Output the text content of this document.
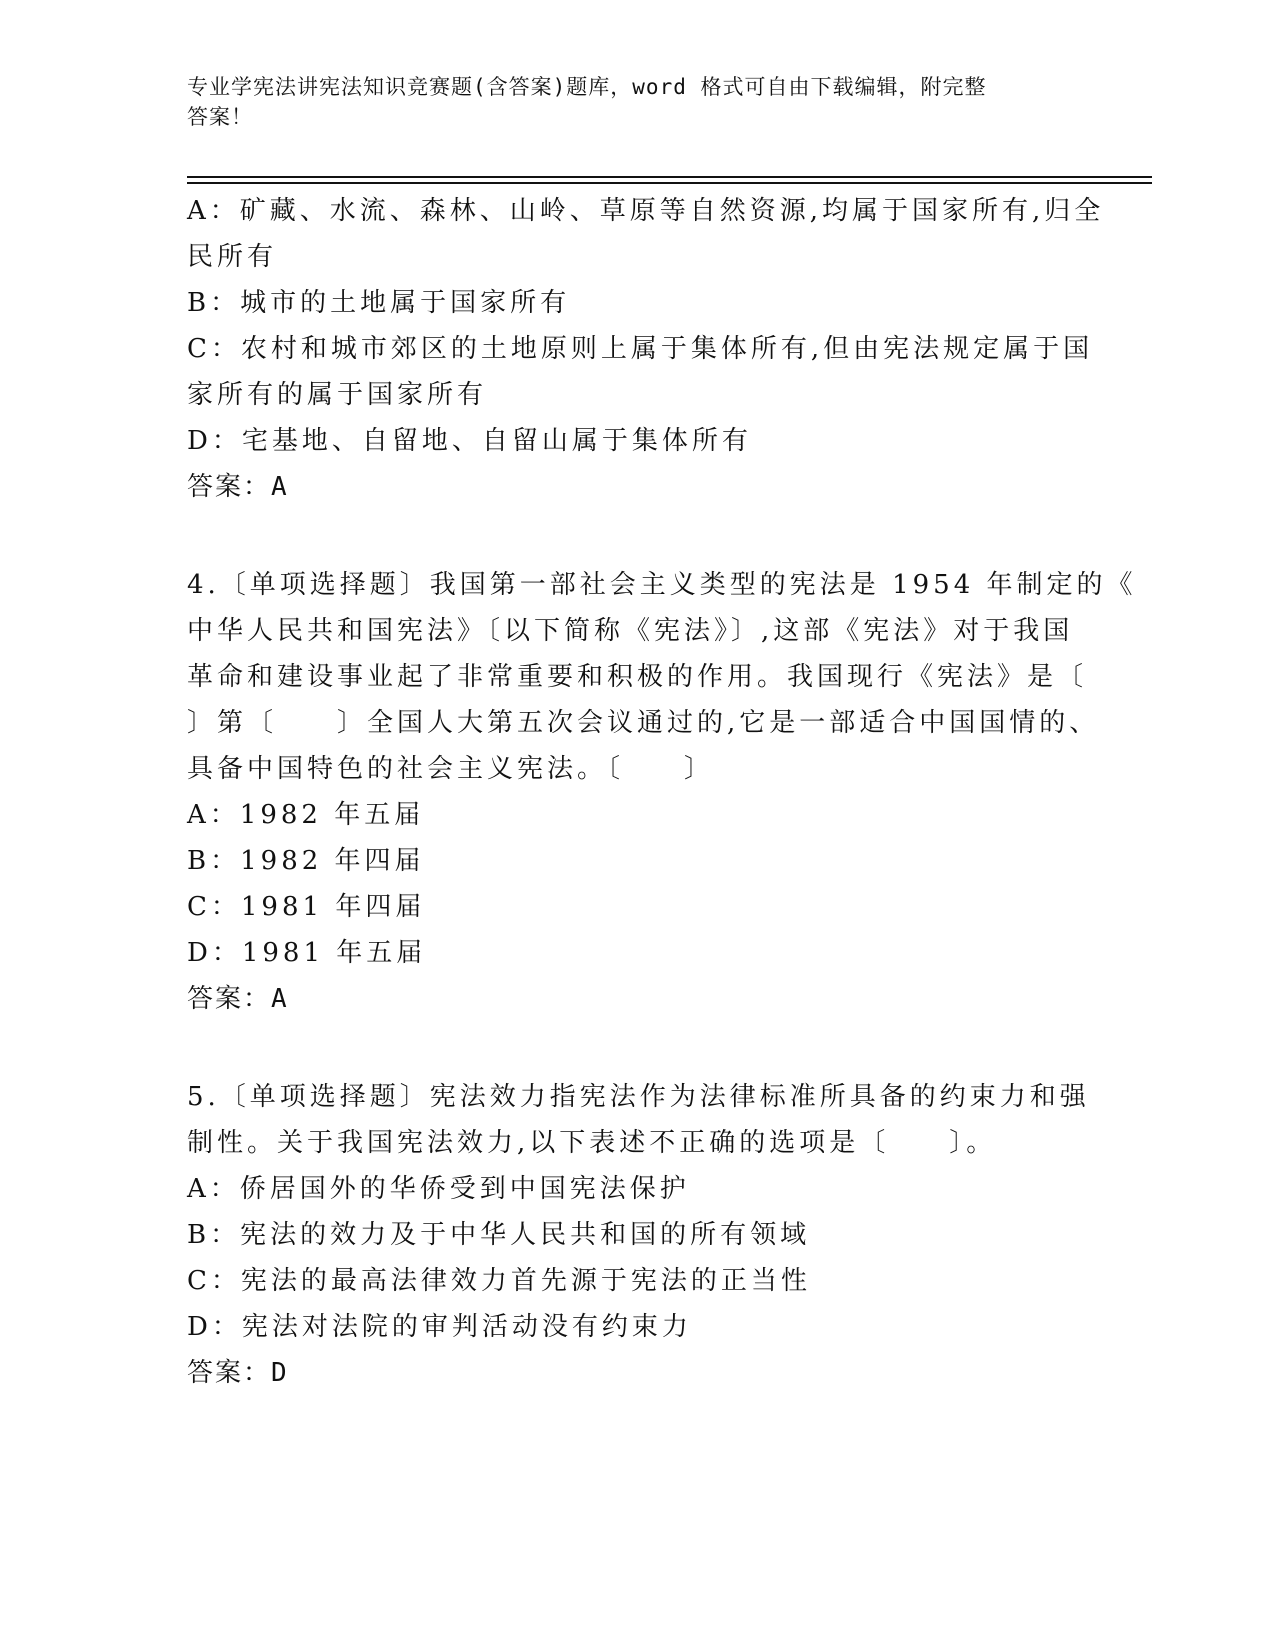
专业学宪法讲宪法知识竞赛题(含答案)题库，word 格式可自由下载编辑，附完整
答案！
A：矿藏、水流、森林、山岭、草原等自然资源,均属于国家所有,归全
民所有
B：城市的土地属于国家所有
C：农村和城市郊区的土地原则上属于集体所有,但由宪法规定属于国
家所有的属于国家所有
D：宅基地、自留地、自留山属于集体所有
答案：A
4.〔单项选择题〕我国第一部社会主义类型的宪法是 1954 年制定的《
中华人民共和国宪法》〔以下简称《宪法》〕,这部《宪法》对于我国
革命和建设事业起了非常重要和积极的作用。我国现行《宪法》是〔
〕第〔　　〕全国人大第五次会议通过的,它是一部适合中国国情的、
具备中国特色的社会主义宪法。〔　　〕
A：1982 年五届
B：1982 年四届
C：1981 年四届
D：1981 年五届
答案：A
5.〔单项选择题〕宪法效力指宪法作为法律标准所具备的约束力和强
制性。关于我国宪法效力,以下表述不正确的选项是〔　　〕。
A：侨居国外的华侨受到中国宪法保护
B：宪法的效力及于中华人民共和国的所有领域
C：宪法的最高法律效力首先源于宪法的正当性
D：宪法对法院的审判活动没有约束力
答案：D
